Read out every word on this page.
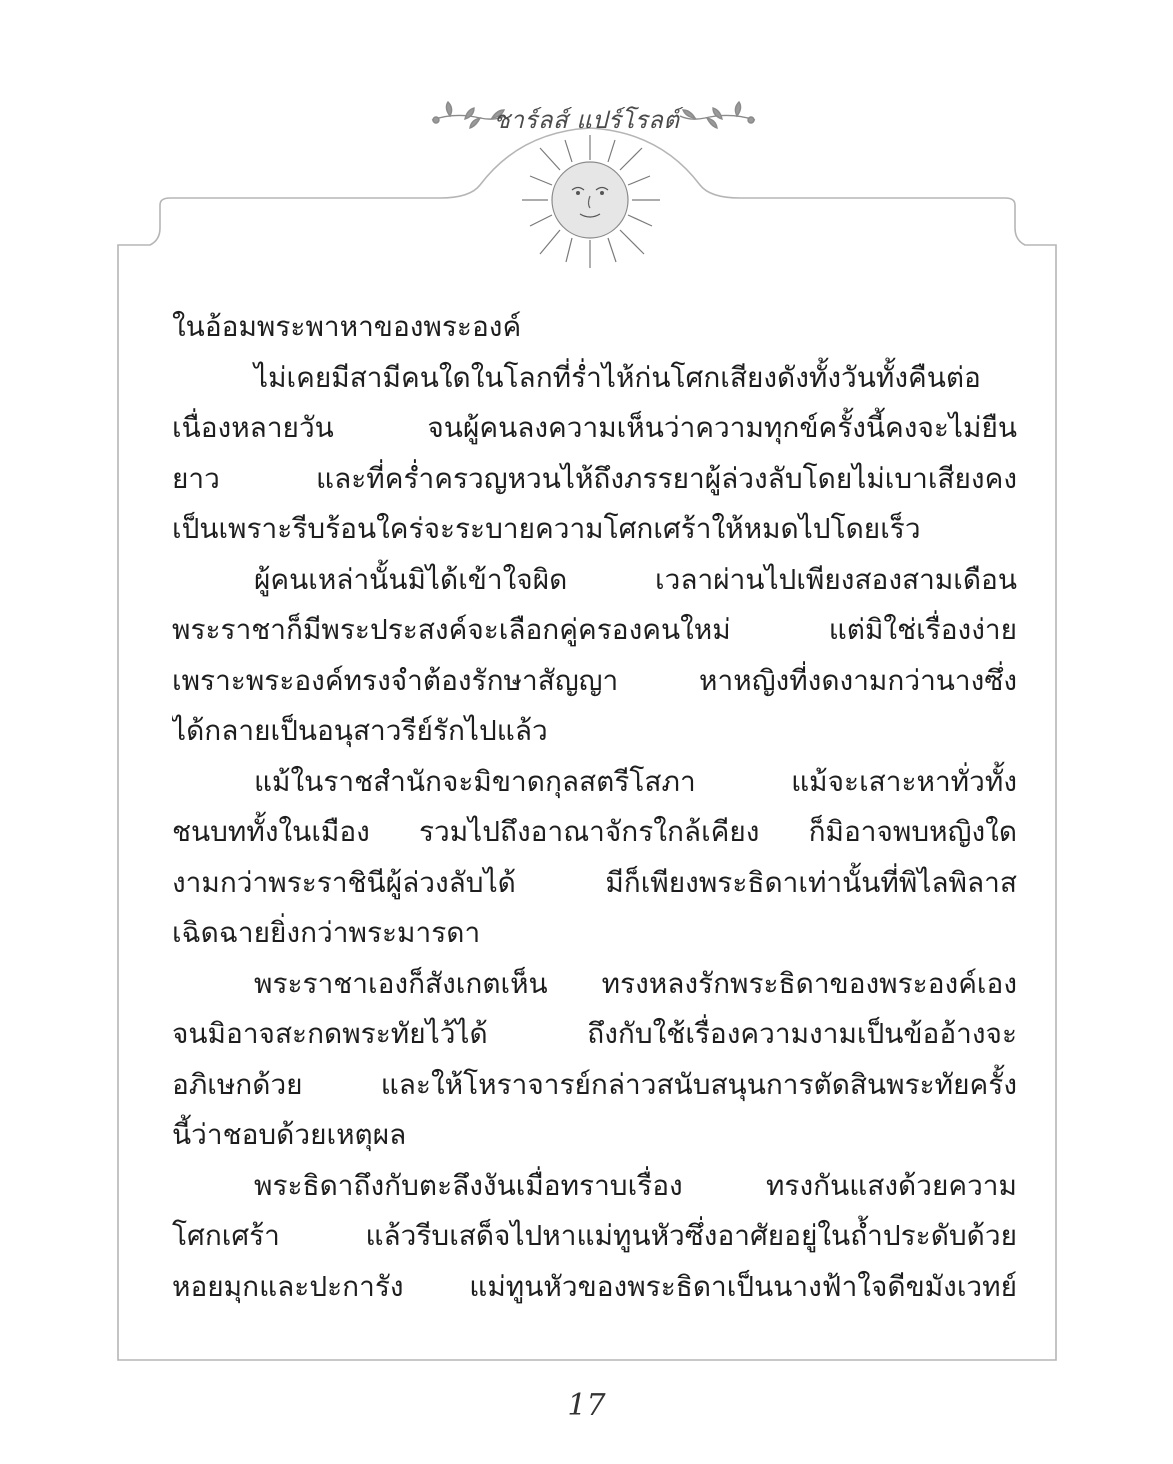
ชาร์ลส์ แปร์โรลต์
ในอ้อมพระพาหาของพระองค์
ไม่เคยมีสามีคนใดในโลกที่ร่ำไห้ก่นโศกเสียงดังทั้งวันทั้งคืนต่อ
เนื่องหลายวัน จนผู้คนลงความเห็นว่าความทุกข์ครั้งนี้คงจะไม่ยืน
ยาว และที่คร่ำครวญหวนไห้ถึงภรรยาผู้ล่วงลับโดยไม่เบาเสียงคง
เป็นเพราะรีบร้อนใคร่จะระบายความโศกเศร้าให้หมดไปโดยเร็ว
ผู้คนเหล่านั้นมิได้เข้าใจผิด เวลาผ่านไปเพียงสองสามเดือน
พระราชาก็มีพระประสงค์จะเลือกคู่ครองคนใหม่ แต่มิใช่เรื่องง่าย
เพราะพระองค์ทรงจำต้องรักษาสัญญา หาหญิงที่งดงามกว่านางซึ่ง
ได้กลายเป็นอนุสาวรีย์รักไปแล้ว
แม้ในราชสำนักจะมิขาดกุลสตรีโสภา แม้จะเสาะหาทั่วทั้ง
ชนบททั้งในเมือง รวมไปถึงอาณาจักรใกล้เคียง ก็มิอาจพบหญิงใด
งามกว่าพระราชินีผู้ล่วงลับได้ มีก็เพียงพระธิดาเท่านั้นที่พิไลพิลาส
เฉิดฉายยิ่งกว่าพระมารดา
พระราชาเองก็สังเกตเห็น ทรงหลงรักพระธิดาของพระองค์เอง
จนมิอาจสะกดพระทัยไว้ได้ ถึงกับใช้เรื่องความงามเป็นข้ออ้างจะ
อภิเษกด้วย และให้โหราจารย์กล่าวสนับสนุนการตัดสินพระทัยครั้ง
นี้ว่าชอบด้วยเหตุผล
พระธิดาถึงกับตะลึงงันเมื่อทราบเรื่อง ทรงกันแสงด้วยความ
โศกเศร้า แล้วรีบเสด็จไปหาแม่ทูนหัวซึ่งอาศัยอยู่ในถ้ำประดับด้วย
หอยมุกและปะการัง แม่ทูนหัวของพระธิดาเป็นนางฟ้าใจดีขมังเวทย์
17
